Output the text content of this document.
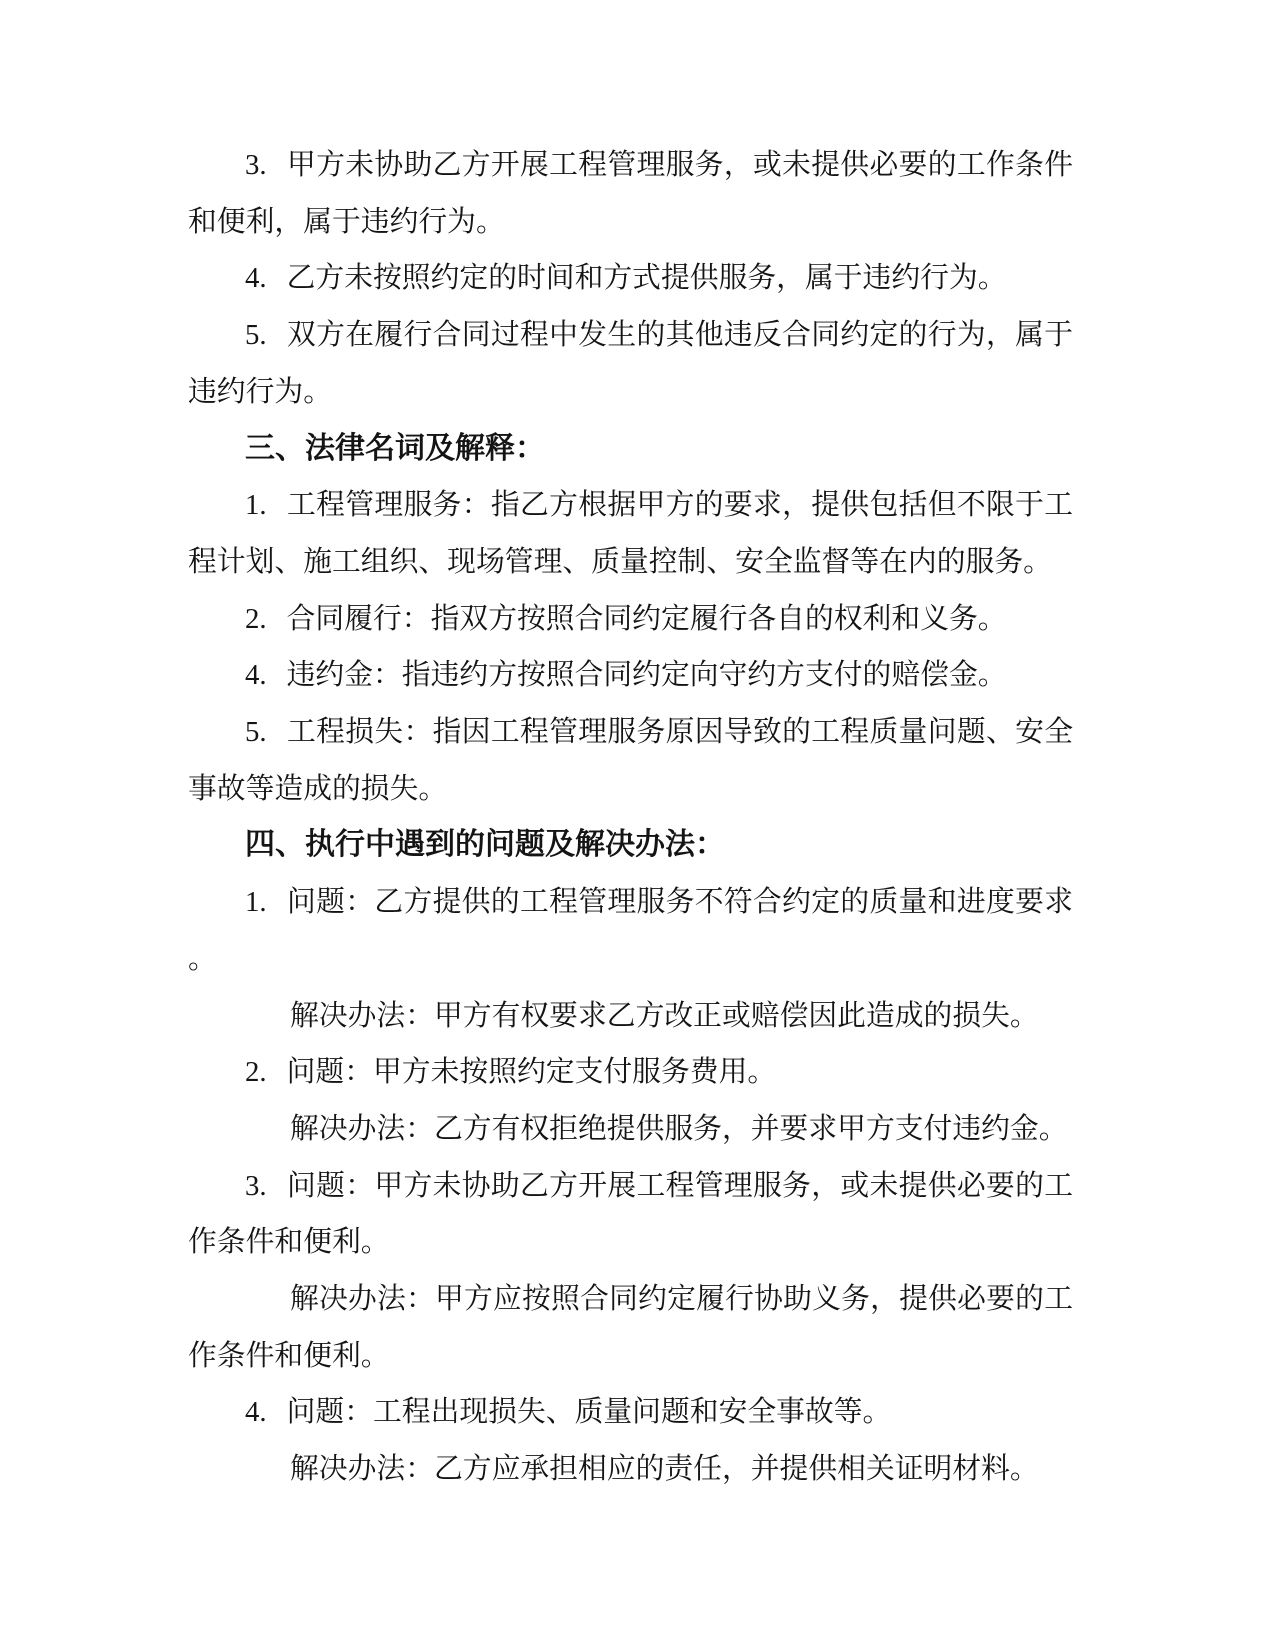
3. 甲方未协助乙方开展工程管理服务，或未提供必要的工作条件
和便利，属于违约行为。
4. 乙方未按照约定的时间和方式提供服务，属于违约行为。
5. 双方在履行合同过程中发生的其他违反合同约定的行为，属于
违约行为。
三、法律名词及解释：
1. 工程管理服务：指乙方根据甲方的要求，提供包括但不限于工
程计划、施工组织、现场管理、质量控制、安全监督等在内的服务。
2. 合同履行：指双方按照合同约定履行各自的权利和义务。
4. 违约金：指违约方按照合同约定向守约方支付的赔偿金。
5. 工程损失：指因工程管理服务原因导致的工程质量问题、安全
事故等造成的损失。
四、执行中遇到的问题及解决办法：
1. 问题：乙方提供的工程管理服务不符合约定的质量和进度要求
。
解决办法：甲方有权要求乙方改正或赔偿因此造成的损失。
2. 问题：甲方未按照约定支付服务费用。
解决办法：乙方有权拒绝提供服务，并要求甲方支付违约金。
3. 问题：甲方未协助乙方开展工程管理服务，或未提供必要的工
作条件和便利。
解决办法：甲方应按照合同约定履行协助义务，提供必要的工
作条件和便利。
4. 问题：工程出现损失、质量问题和安全事故等。
解决办法：乙方应承担相应的责任，并提供相关证明材料。
